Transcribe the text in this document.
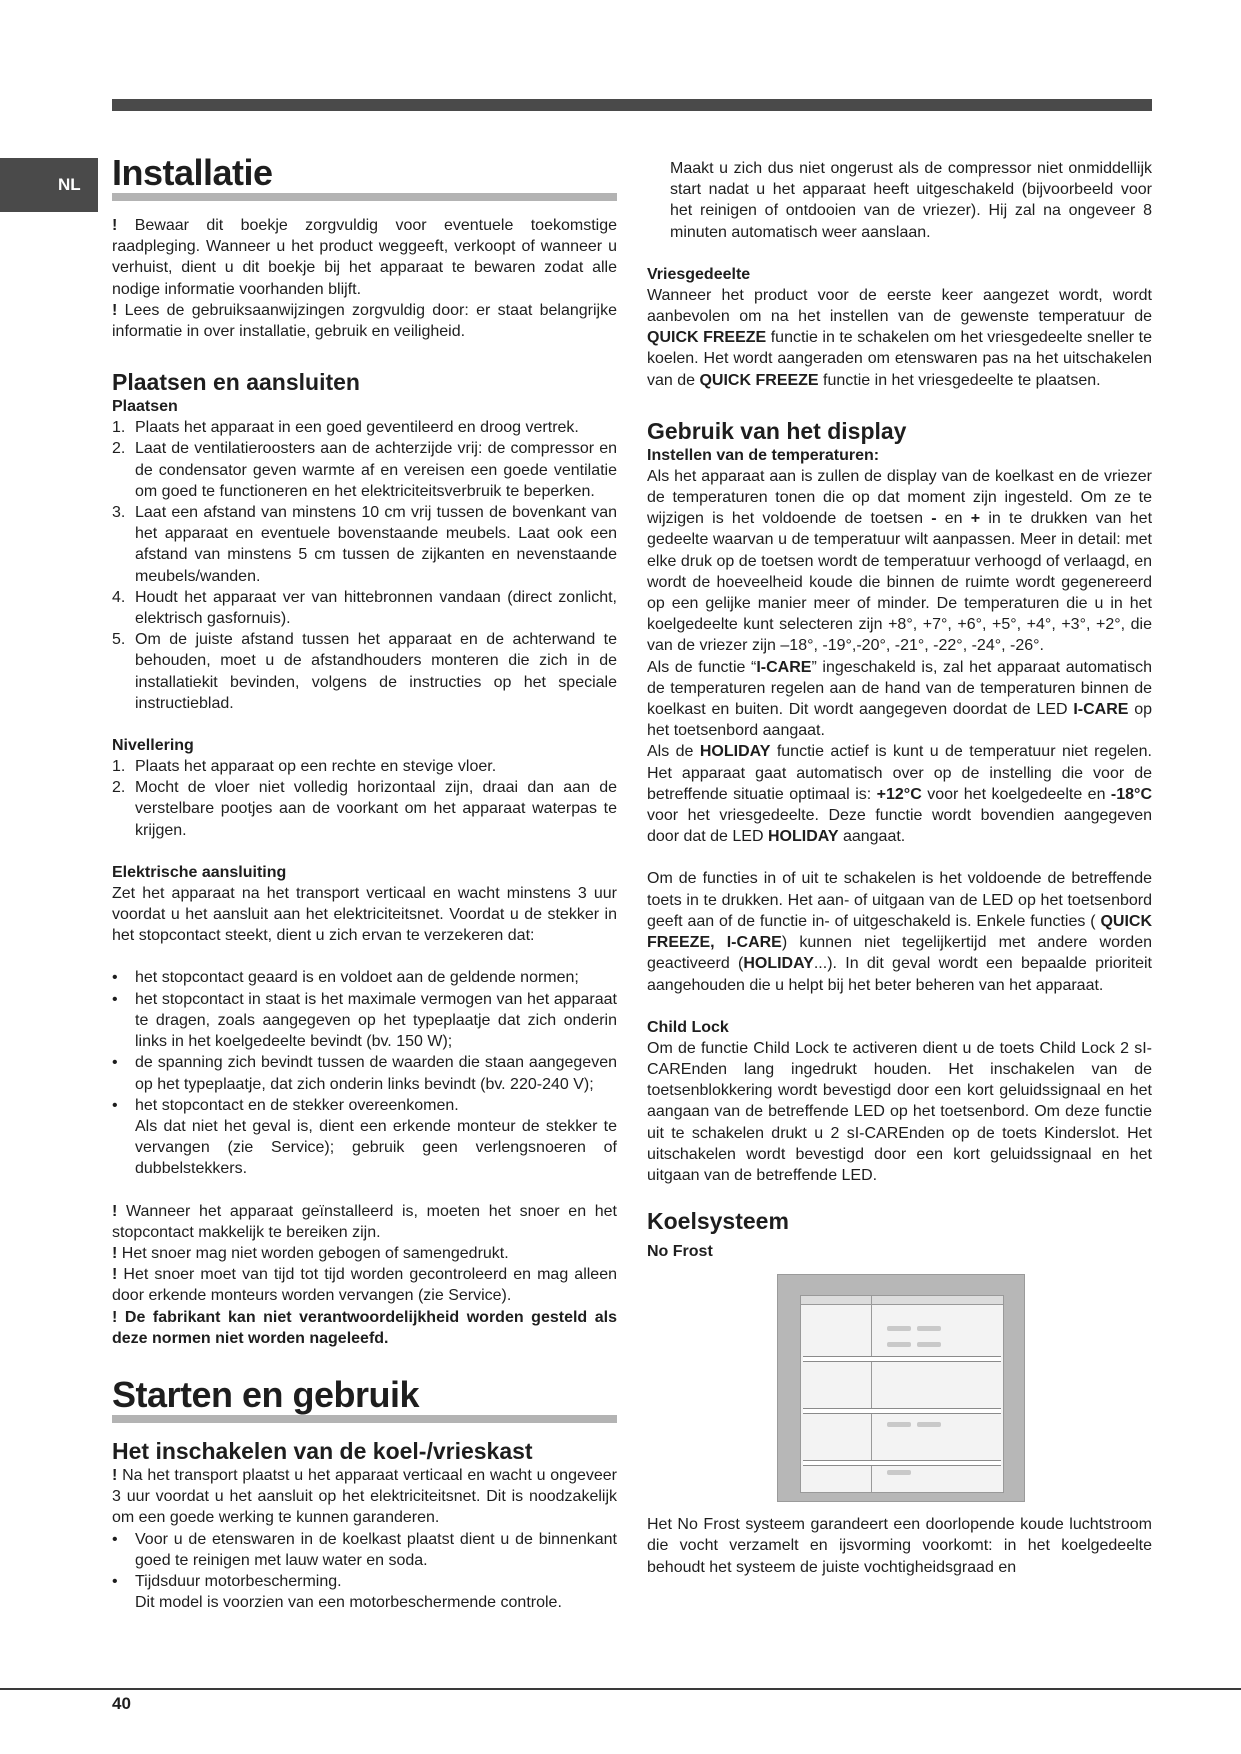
NL Installatie

! Bewaar dit boekje zorgvuldig voor eventuele toekomstige raadpleging. Wanneer u het product weggeeft, verkoopt of wanneer u verhuist, dient u dit boekje bij het apparaat te bewaren zodat alle nodige informatie voorhanden blijft.

! Lees de gebruiksaanwijzingen zorgvuldig door: er staat belangrijke informatie in over installatie, gebruik en veiligheid.

Plaatsen en aansluiten
Plaatsen
1. Plaats het apparaat in een goed geventileerd en droog vertrek.
2. Laat de ventilatieroosters aan de achterzijde vrij: de compressor en de condensator geven warmte af en vereisen een goede ventilatie om goed te functioneren en het elektriciteitsverbruik te beperken.
3. Laat een afstand van minstens 10 cm vrij tussen de bovenkant van het apparaat en eventuele bovenstaande meubels. Laat ook een afstand van minstens 5 cm tussen de zijkanten en nevenstaande meubels/wanden.
4. Houdt het apparaat ver van hittebronnen vandaan (direct zonlicht, elektrisch gasfornuis).
5. Om de juiste afstand tussen het apparaat en de achterwand te behouden, moet u de afstandhouders monteren die zich in de installatiekit bevinden, volgens de instructies op het speciale instructieblad.
Nivellering
1. Plaats het apparaat op een rechte en stevige vloer.
2. Mocht de vloer niet volledig horizontaal zijn, draai dan aan de verstelbare pootjes aan de voorkant om het apparaat waterpas te krijgen.
Elektrische aansluiting

Zet het apparaat na het transport verticaal en wacht minstens 3 uur voordat u het aansluit aan het elektriciteitsnet. Voordat u de stekker in het stopcontact steekt, dient u zich ervan te verzekeren dat:

• het stopcontact geaard is en voldoet aan de geldende normen;
• het stopcontact in staat is het maximale vermogen van het apparaat te dragen, zoals aangegeven op het typeplaatje dat zich onderin links in het koelgedeelte bevindt (bv. 150 W);
• de spanning zich bevindt tussen de waarden die staan aangegeven op het typeplaatje, dat zich onderin links bevindt (bv. 220-240 V);
• het stopcontact en de stekker overeenkomen.

Als dat niet het geval is, dient een erkende monteur de stekker te vervangen (zie Service); gebruik geen verlengsnoeren of dubbelstekkers.

! Wanneer het apparaat geïnstalleerd is, moeten het snoer en het stopcontact makkelijk te bereiken zijn.

! Het snoer mag niet worden gebogen of samengedrukt.

! Het snoer moet van tijd tot tijd worden gecontroleerd en mag alleen door erkende monteurs worden vervangen (zie Service).

! De fabrikant kan niet verantwoordelijkheid worden gesteld als deze normen niet worden nageleefd.

Starten en gebruik
Het inschakelen van de koel-/vrieskast

! Na het transport plaatst u het apparaat verticaal en wacht u ongeveer 3 uur voordat u het aansluit op het elektriciteitsnet. Dit is noodzakelijk om een goede werking te kunnen garanderen.

• Voor u de etenswaren in de koelkast plaatst dient u de binnenkant goed te reinigen met lauw water en soda.
• Tijdsduur motorbescherming.

Dit model is voorzien van een motorbeschermende controle.

Maakt u zich dus niet ongerust als de compressor niet onmiddellijk start nadat u het apparaat heeft uitgeschakeld (bijvoorbeeld voor het reinigen of ontdooien van de vriezer). Hij zal na ongeveer 8 minuten automatisch weer aanslaan.

Vriesgedeelte

Wanneer het product voor de eerste keer aangezet wordt, wordt aanbevolen om na het instellen van de gewenste temperatuur de QUICK FREEZE functie in te schakelen om het vriesgedeelte sneller te koelen. Het wordt aangeraden om etenswaren pas na het uitschakelen van de QUICK FREEZE functie in het vriesgedeelte te plaatsen.

Gebruik van het display
Instellen van de temperaturen:

Als het apparaat aan is zullen de display van de koelkast en de vriezer de temperaturen tonen die op dat moment zijn ingesteld. Om ze te wijzigen is het voldoende de toetsen - en + in te drukken van het gedeelte waarvan u de temperatuur wilt aanpassen. Meer in detail: met elke druk op de toetsen wordt de temperatuur verhoogd of verlaagd, en wordt de hoeveelheid koude die binnen de ruimte wordt gegenereerd op een gelijke manier meer of minder. De temperaturen die u in het koelgedeelte kunt selecteren zijn +8°, +7°, +6°, +5°, +4°, +3°, +2°, die van de vriezer zijn –18°, -19°,-20°, -21°, -22°, -24°, -26°.

Als de functie “I-CARE” ingeschakeld is, zal het apparaat automatisch de temperaturen regelen aan de hand van de temperaturen binnen de koelkast en buiten. Dit wordt aangegeven doordat de LED I-CARE op het toetsenbord aangaat.

Als de HOLIDAY functie actief is kunt u de temperatuur niet regelen. Het apparaat gaat automatisch over op de instelling die voor de betreffende situatie optimaal is: +12°C voor het koelgedeelte en -18°C voor het vriesgedeelte. Deze functie wordt bovendien aangegeven door dat de LED HOLIDAY aangaat.

Om de functies in of uit te schakelen is het voldoende de betreffende toets in te drukken. Het aan- of uitgaan van de LED op het toetsenbord geeft aan of de functie in- of uitgeschakeld is. Enkele functies ( QUICK FREEZE, I-CARE) kunnen niet tegelijkertijd met andere worden geactiveerd (HOLIDAY...). In dit geval wordt een bepaalde prioriteit aangehouden die u helpt bij het beter beheren van het apparaat.

Child Lock

Om de functie Child Lock te activeren dient u de toets Child Lock 2 sI-CAREnden lang ingedrukt houden. Het inschakelen van de toetsenblokkering wordt bevestigd door een kort geluidssignaal en het aangaan van de betreffende LED op het toetsenbord. Om deze functie uit te schakelen drukt u 2 sI-CAREnden op de toets Kinderslot. Het uitschakelen wordt bevestigd door een kort geluidssignaal en het uitgaan van de betreffende LED.

Koelsysteem
No Frost

Het No Frost systeem garandeert een doorlopende koude luchtstroom die vocht verzamelt en ijsvorming voorkomt: in het koelgedeelte behoudt het systeem de juiste vochtigheidsgraad en

40
